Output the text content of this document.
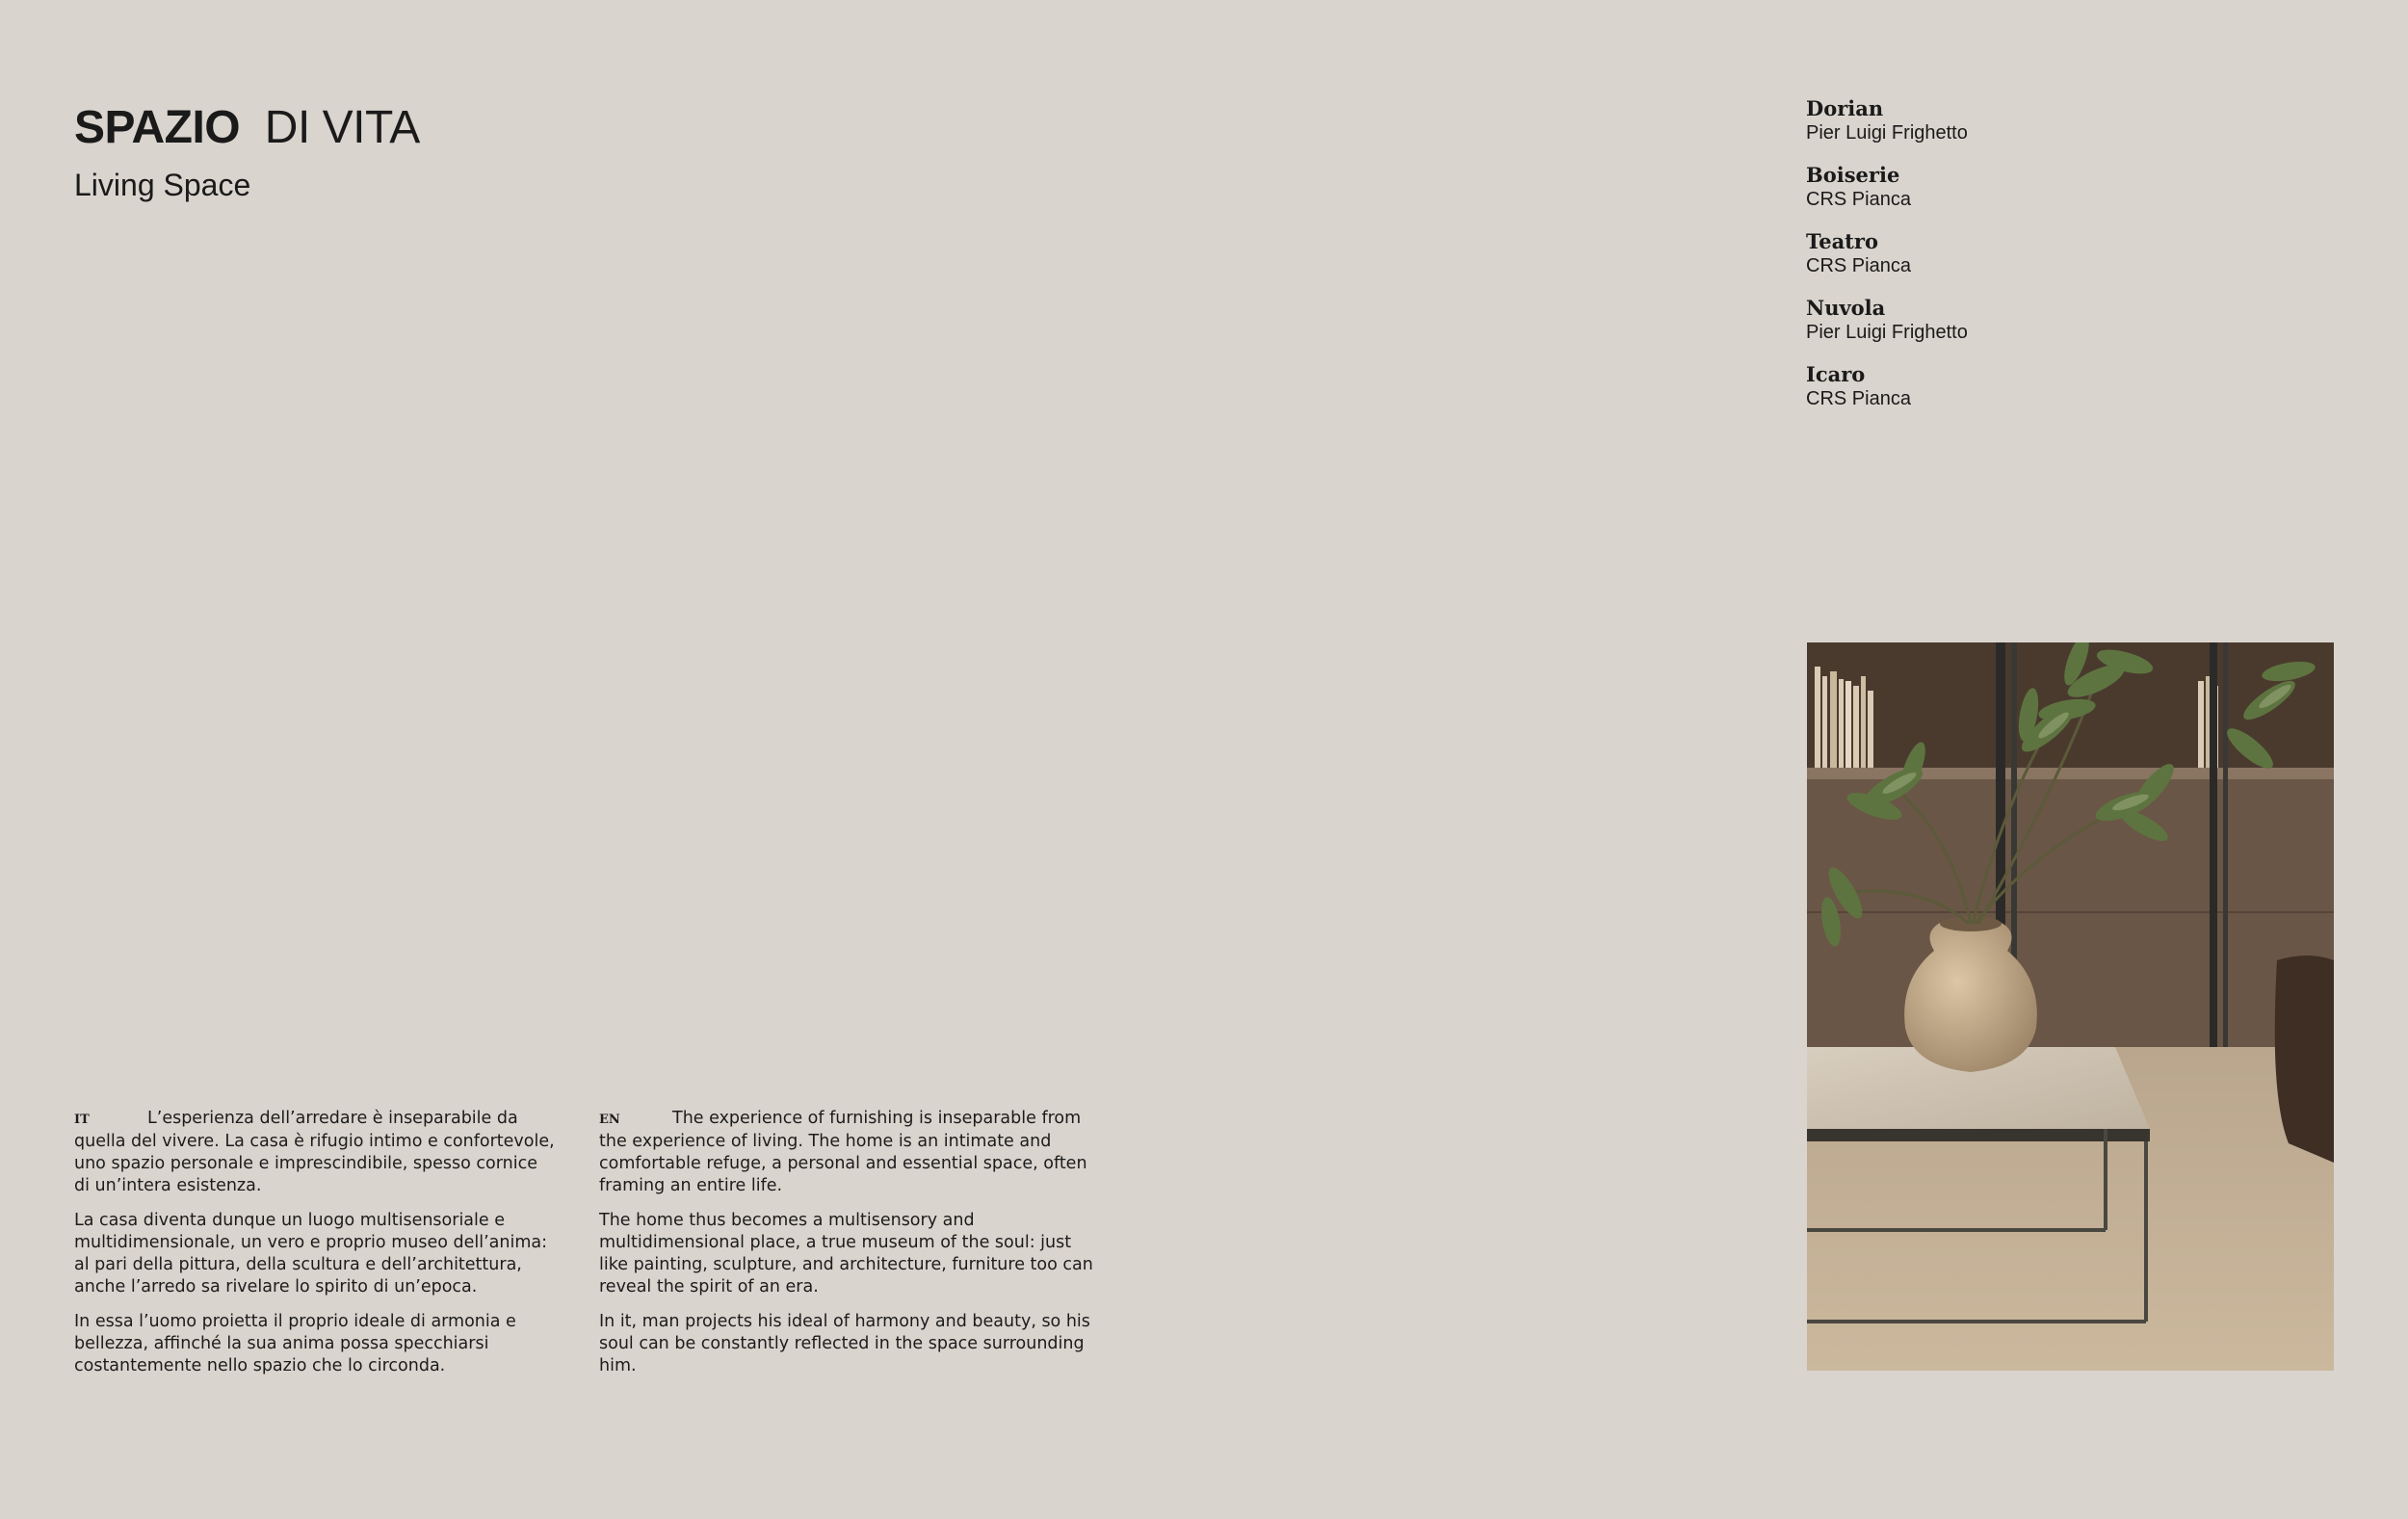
SPAZIO DI VITA
Living Space
Dorian
Pier Luigi Frighetto
Boiserie
CRS Pianca
Teatro
CRS Pianca
Nuvola
Pier Luigi Frighetto
Icaro
CRS Pianca

IT	L’esperienza dell’arredare è inseparabile da quella del vivere. La casa è rifugio intimo e confortevole, uno spazio personale e imprescindibile, spesso cornice di un’intera esistenza.

La casa diventa dunque un luogo multisensoriale e multidimensionale, un vero e proprio museo dell’anima: al pari della pittura, della scultura e dell’architettura, anche l’arredo sa rivelare lo spirito di un’epoca.

In essa l’uomo proietta il proprio ideale di armonia e bellezza, affinché la sua anima possa specchiarsi costantemente nello spazio che lo circonda.

EN	The experience of furnishing is inseparable from the experience of living. The home is an intimate and comfortable refuge, a personal and essential space, often framing an entire life.

The home thus becomes a multisensory and multidimensional place, a true museum of the soul: just like painting, sculpture, and architecture, furniture too can reveal the spirit of an era.

In it, man projects his ideal of harmony and beauty, so his soul can be constantly reflected in the space surrounding him.
